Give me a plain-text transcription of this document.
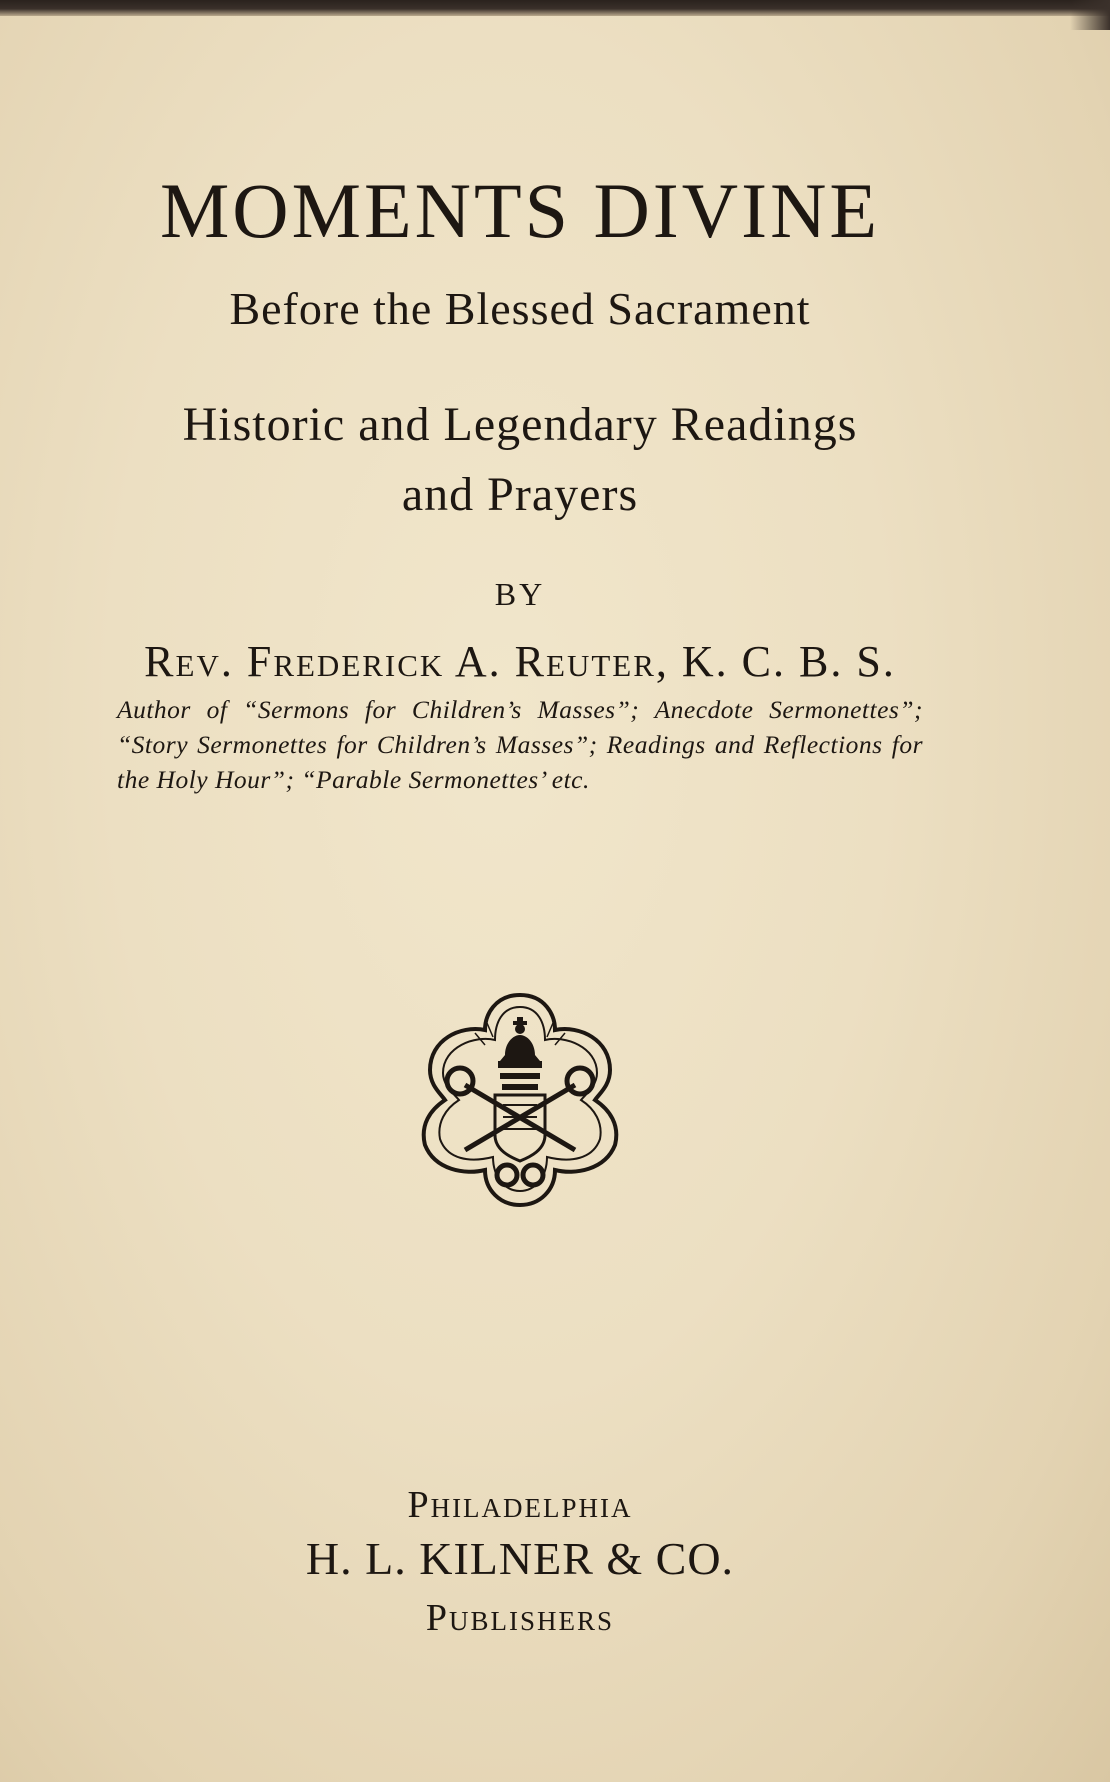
MOMENTS DIVINE
Before the Blessed Sacrament
Historic and Legendary Readings
and Prayers
BY
Rev. Frederick A. Reuter, K. C. B. S.
Author of “Sermons for Children’s Masses”; Anecdote Sermonettes”; “Story Sermonettes for Children’s Masses”; Readings and Reflections for the Holy Hour”; “Parable Sermonettes’ etc.
Philadelphia
H. L. KILNER & CO.
Publishers
